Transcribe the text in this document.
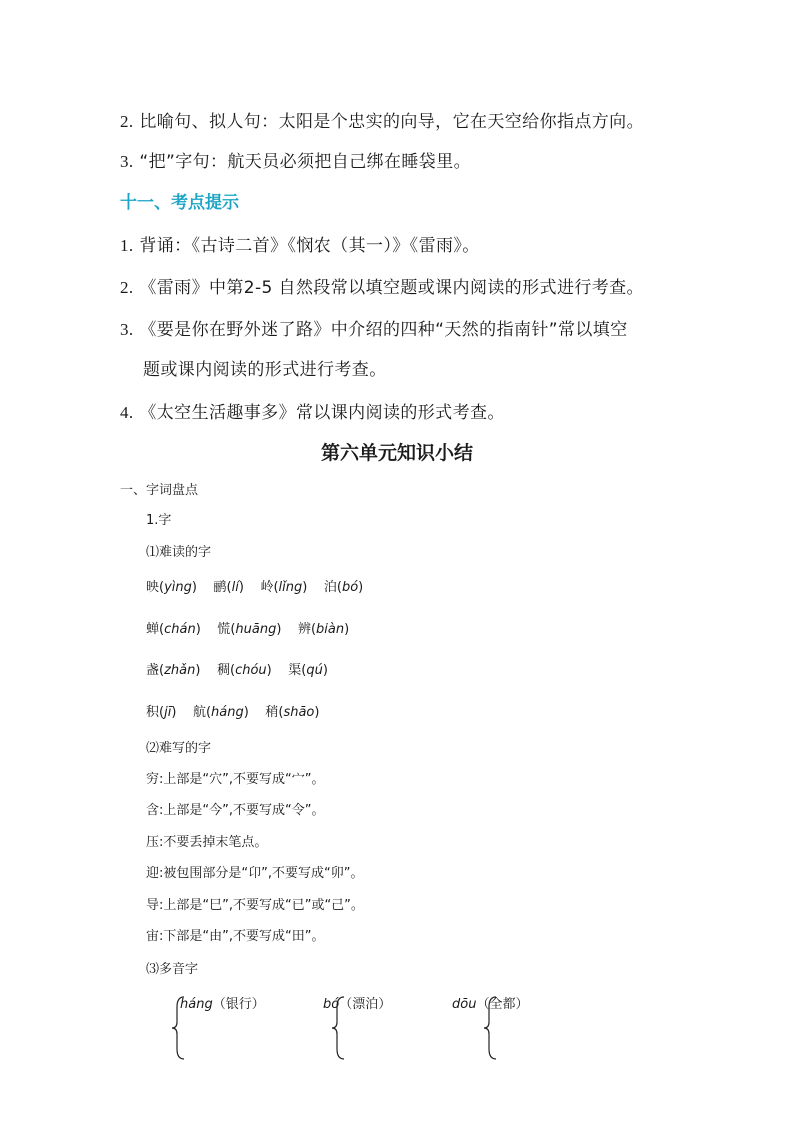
2. 比喻句、拟人句：太阳是个忠实的向导，它在天空给你指点方向。
3. “把”字句：航天员必须把自己绑在睡袋里。
十一、考点提示
1. 背诵：《古诗二首》《悯农（其一）》《雷雨》。
2. 《雷雨》中第2-5 自然段常以填空题或课内阅读的形式进行考查。
3. 《要是你在野外迷了路》中介绍的四种“天然的指南针”常以填空
题或课内阅读的形式进行考查。
4. 《太空生活趣事多》常以课内阅读的形式考查。
第六单元知识小结
一、字词盘点
1.字
⑴难读的字
映(yìng) 鹂(lí) 岭(lǐng) 泊(bó)
蝉(chán) 慌(huāng) 辨(biàn)
盏(zhǎn) 稠(chóu) 渠(qú)
积(jī) 航(háng) 稍(shāo)
⑵难写的字
穷:上部是“穴”,不要写成“宀”。
含:上部是“今”,不要写成“令”。
压:不要丢掉末笔点。
迎:被包围部分是“卬”,不要写成“卯”。
导:上部是“巳”,不要写成“已”或“己”。
宙:下部是“由”,不要写成“田”。
⑶多音字
háng（银行）	bó（漂泊）	dōu（全都）
